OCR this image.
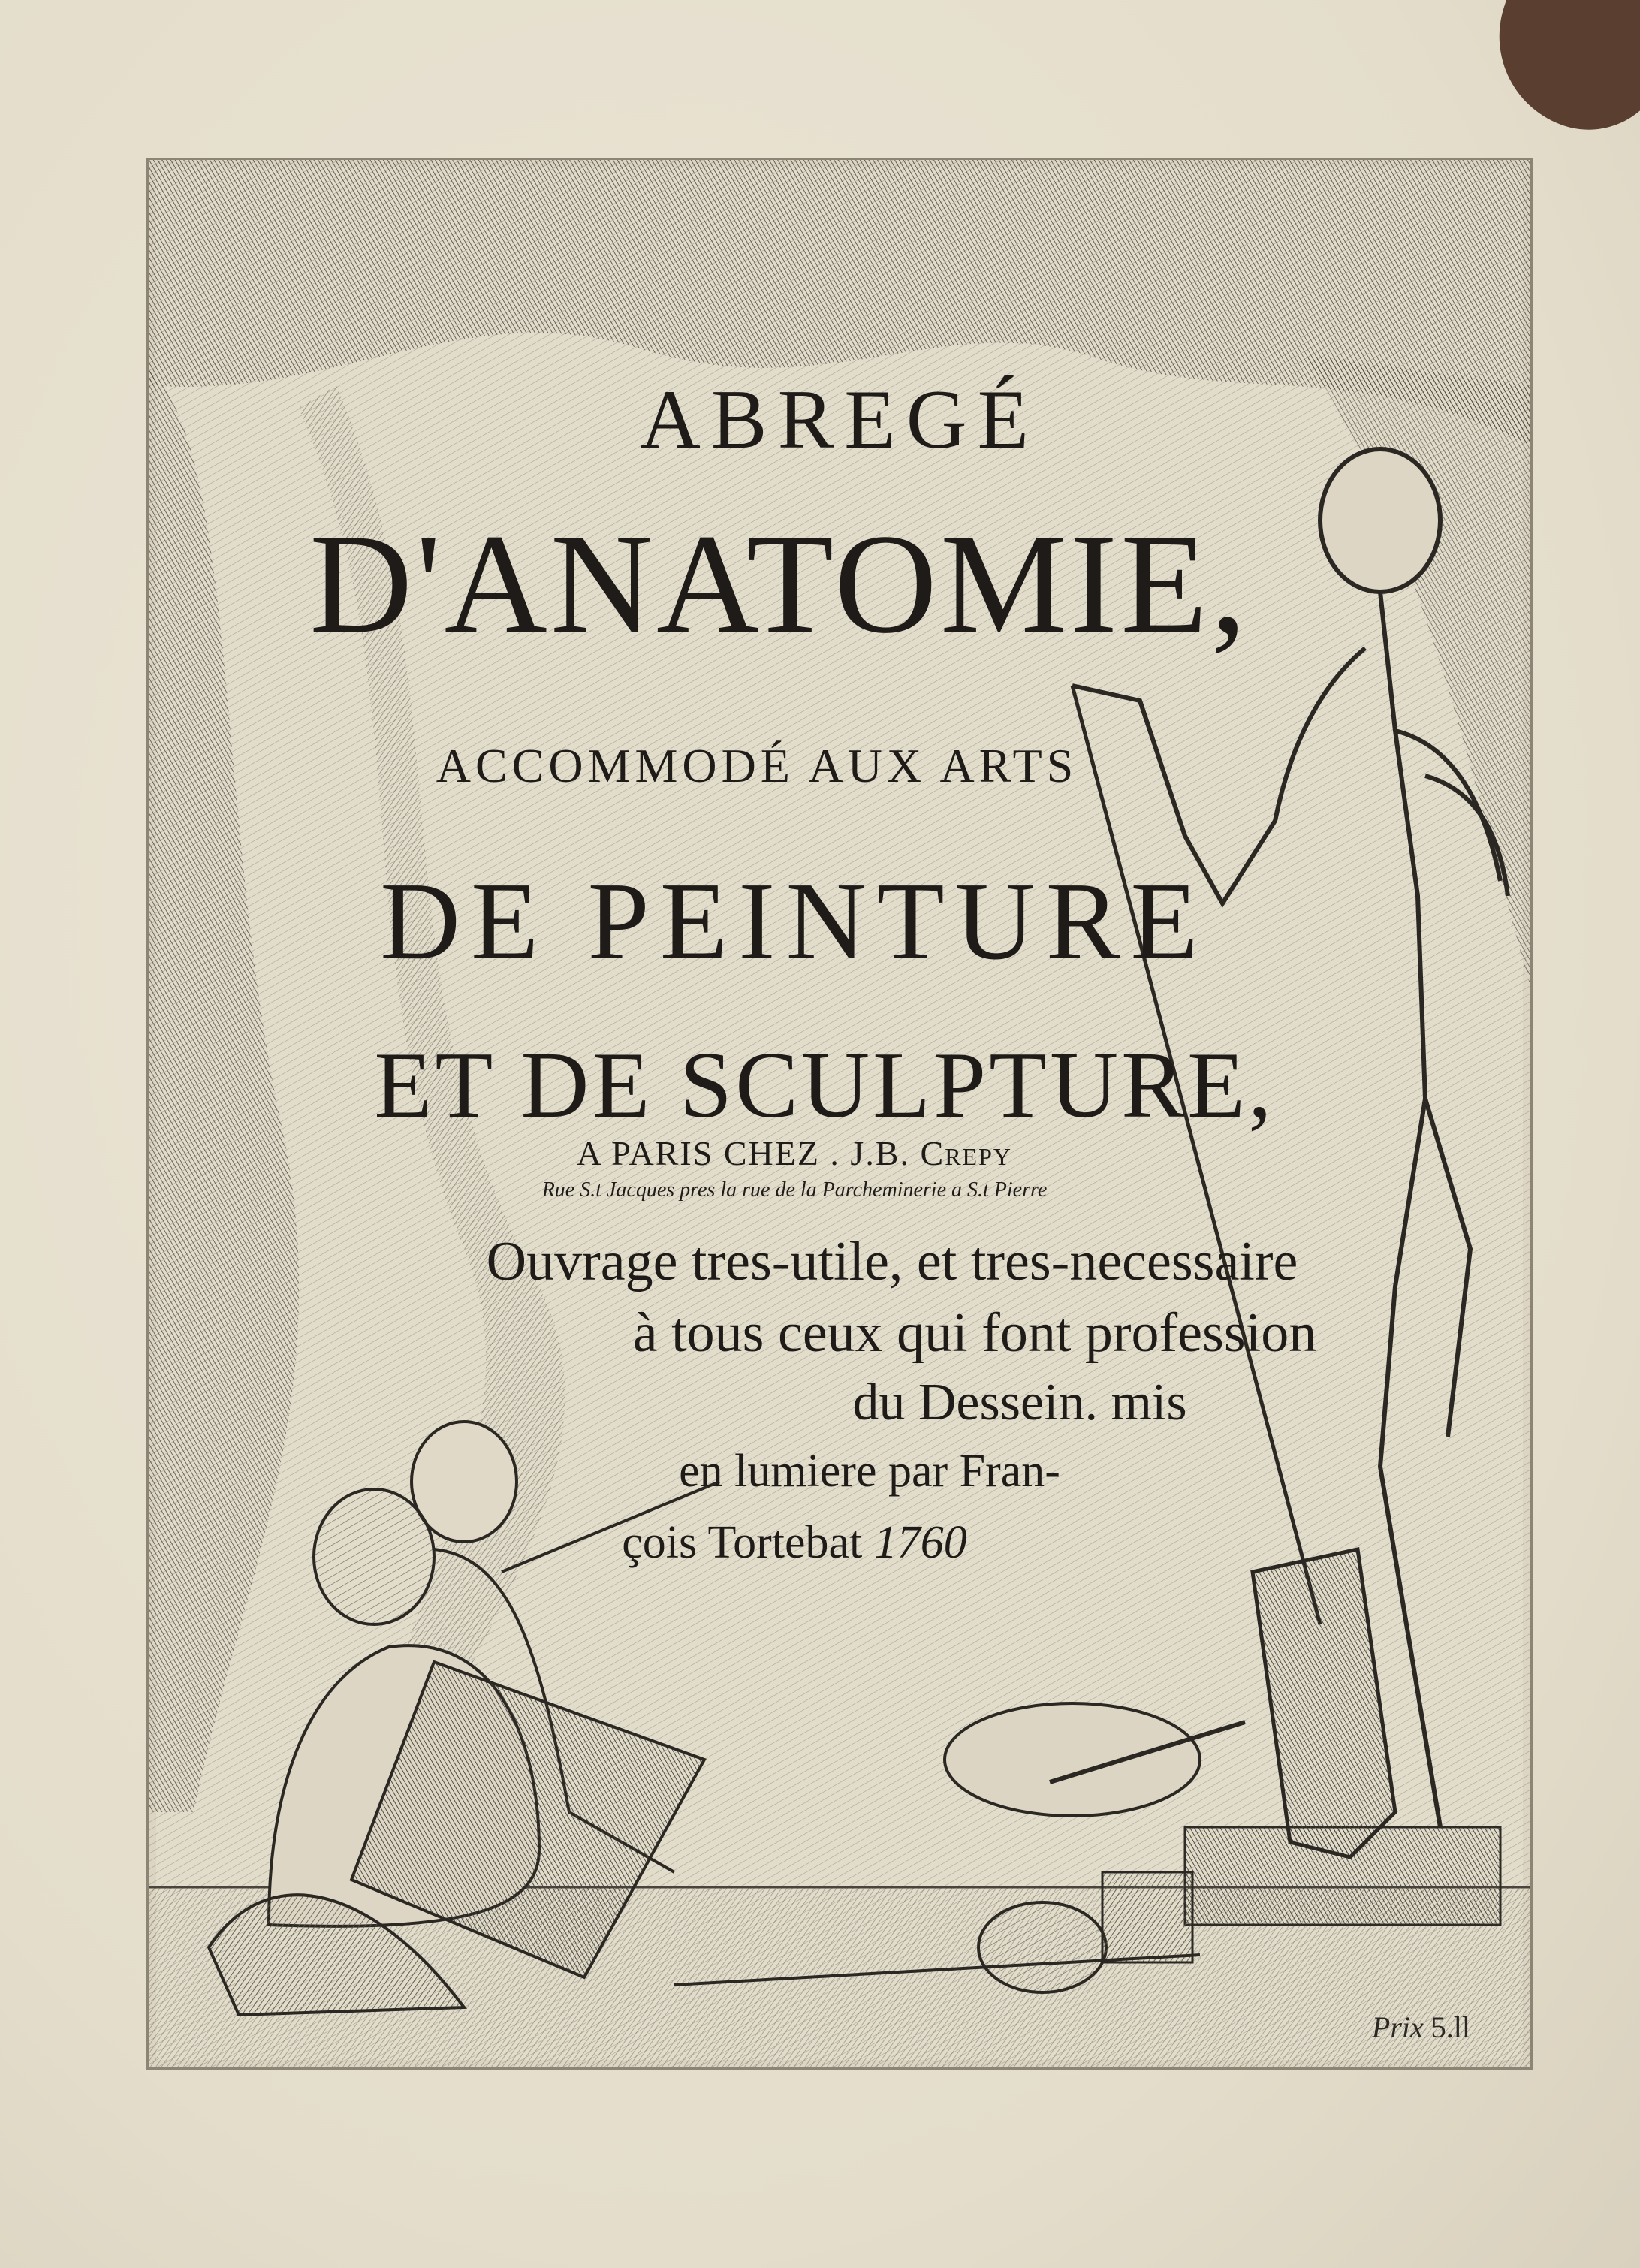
ABREGÉ

D'ANATOMIE,

ACCOMMODÉ AUX ARTS

DE PEINTURE

ET DE SCULPTURE,

A PARIS CHEZ . J.B. Crepy

Rue S.t Jacques pres la rue de la Parcheminerie a S.t Pierre

Ouvrage tres-utile, et tres-necessaire

à tous ceux qui font profession

du Dessein. mis

en lumiere par Fran-

çois Tortebat 1760

Prix 5.ll
